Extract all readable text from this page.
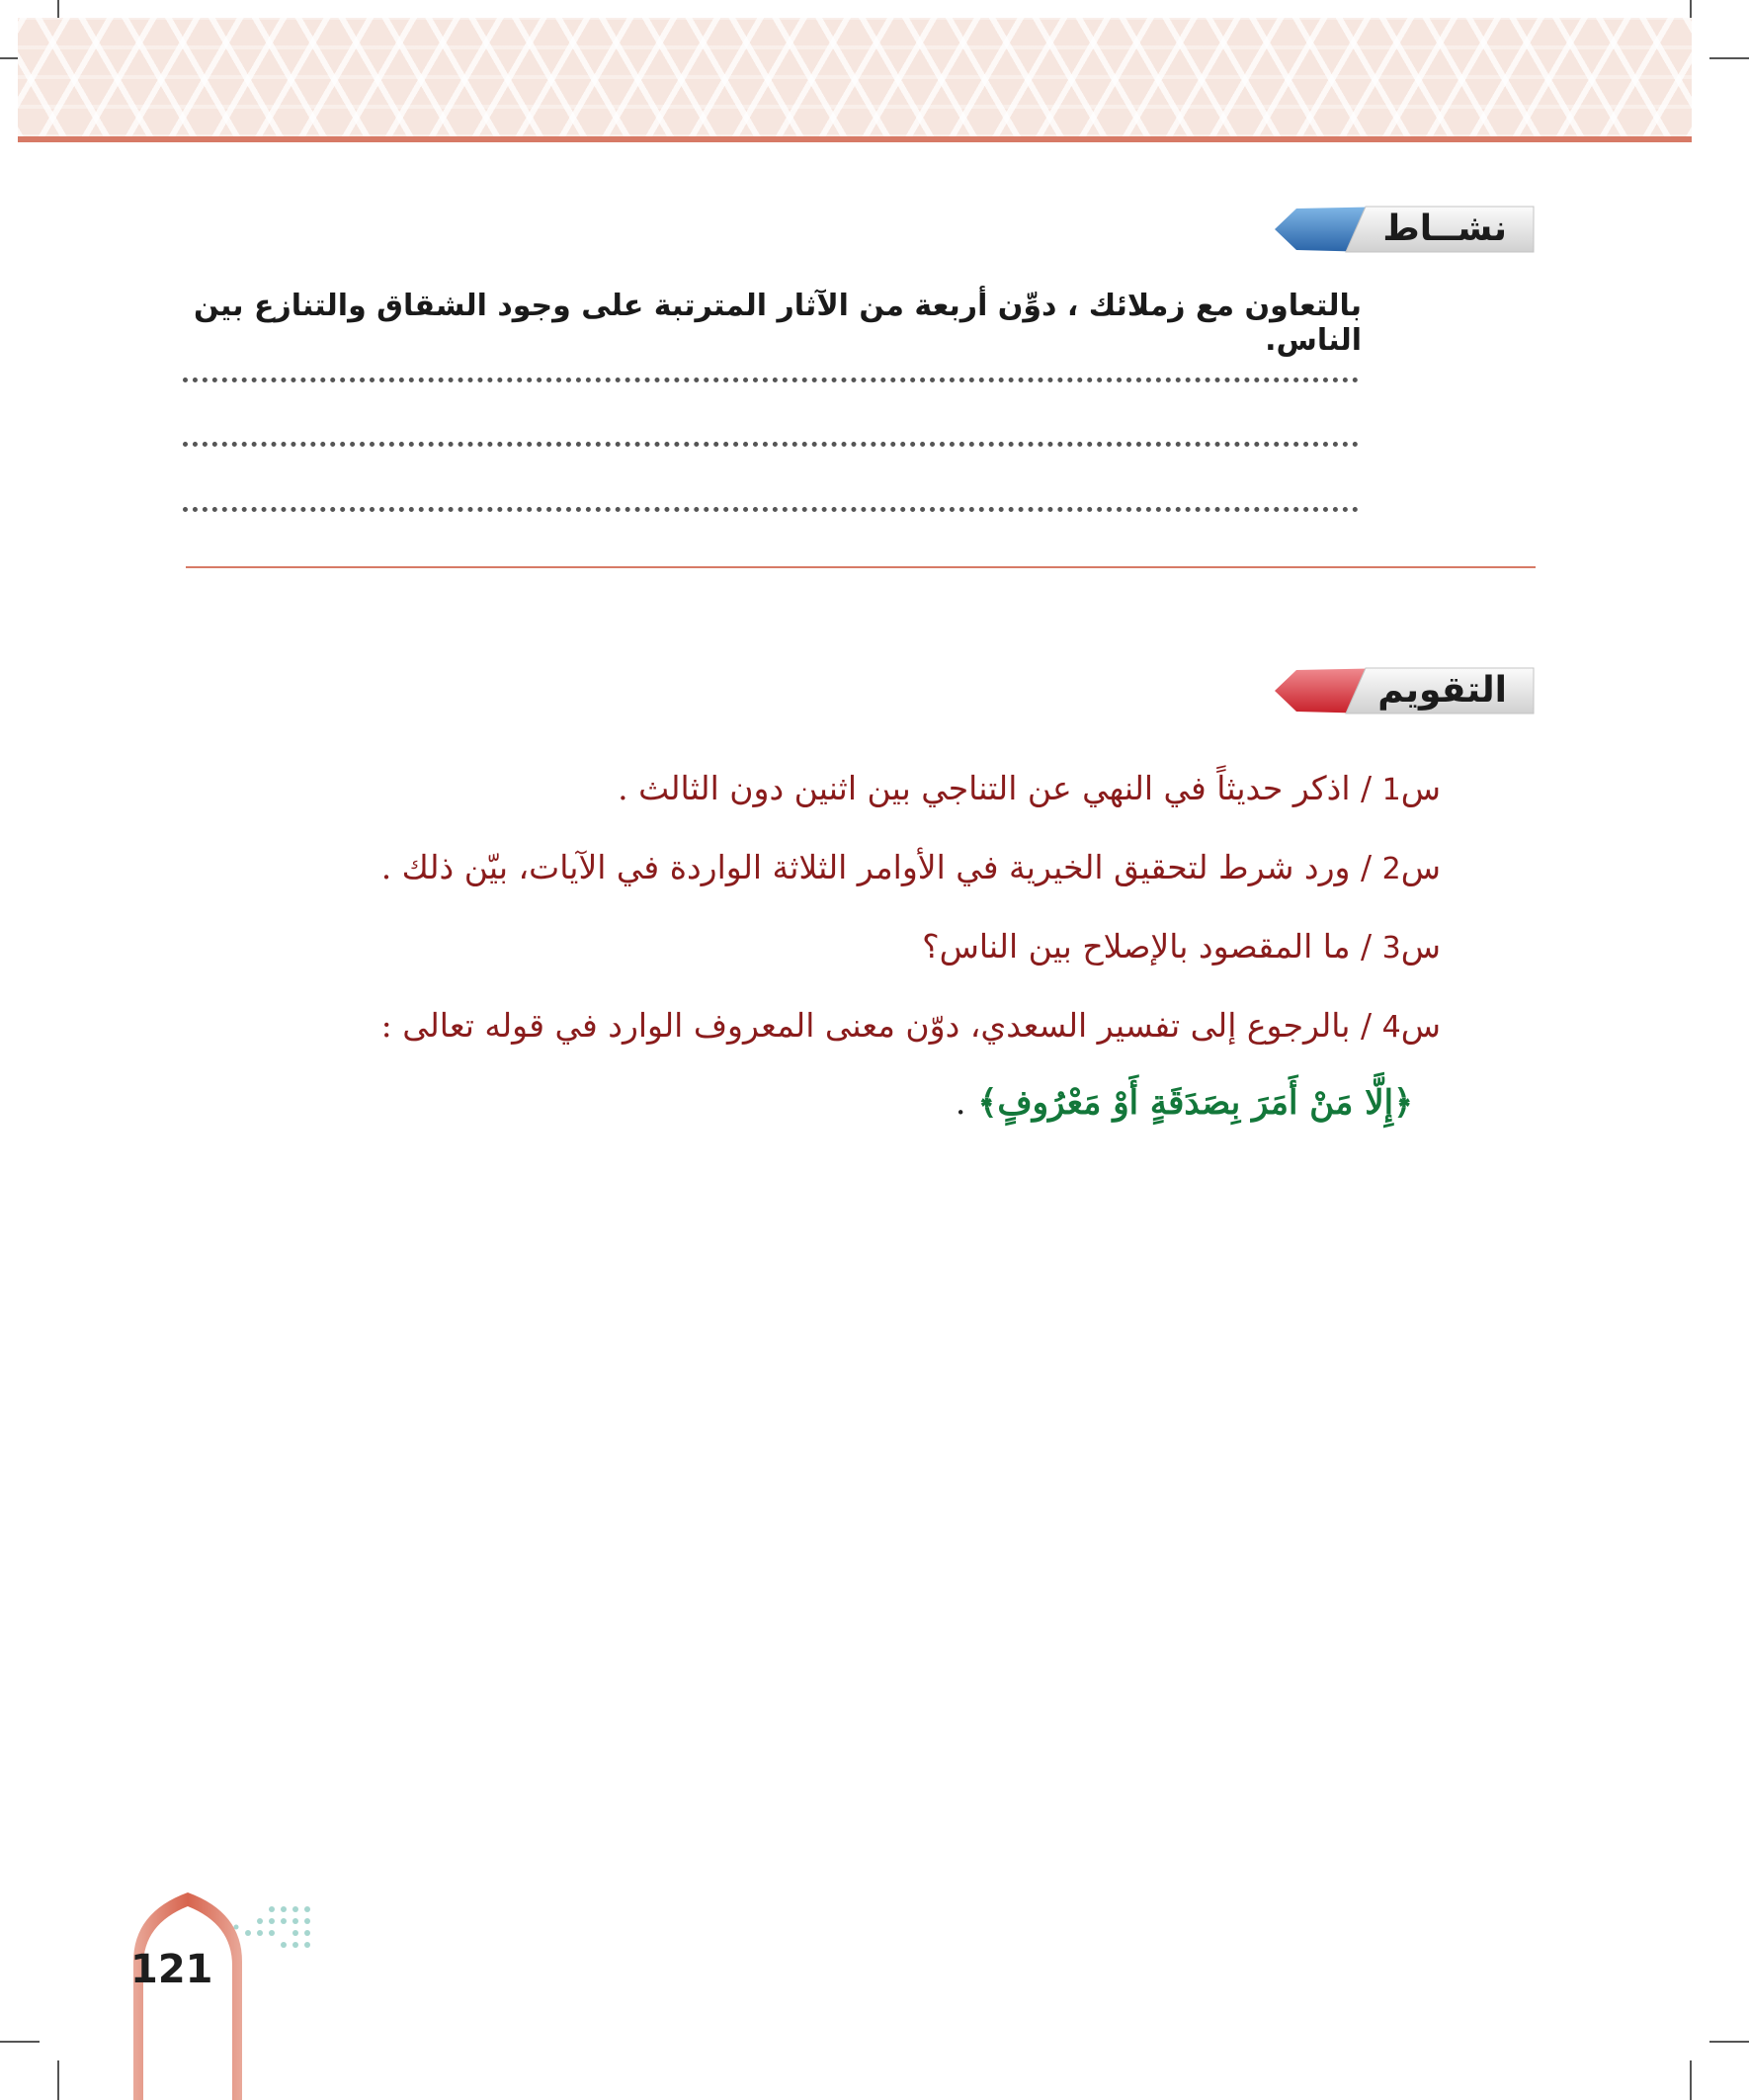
نشــاط
بالتعاون مع زملائك ، دوِّن أربعة من الآثار المترتبة على وجود الشقاق والتنازع بين الناس.
التقويم
س1 / اذكر حديثاً في النهي عن التناجي بين اثنين دون الثالث .
س2 / ورد شرط لتحقيق الخيرية في الأوامر الثلاثة الواردة في الآيات، بيّن ذلك .
س3 / ما المقصود بالإصلاح بين الناس؟
س4 / بالرجوع إلى تفسير السعدي، دوّن معنى المعروف الوارد في قوله تعالى :
﴿إِلَّا مَنْ أَمَرَ بِصَدَقَةٍ أَوْ مَعْرُوفٍ﴾ .
121
